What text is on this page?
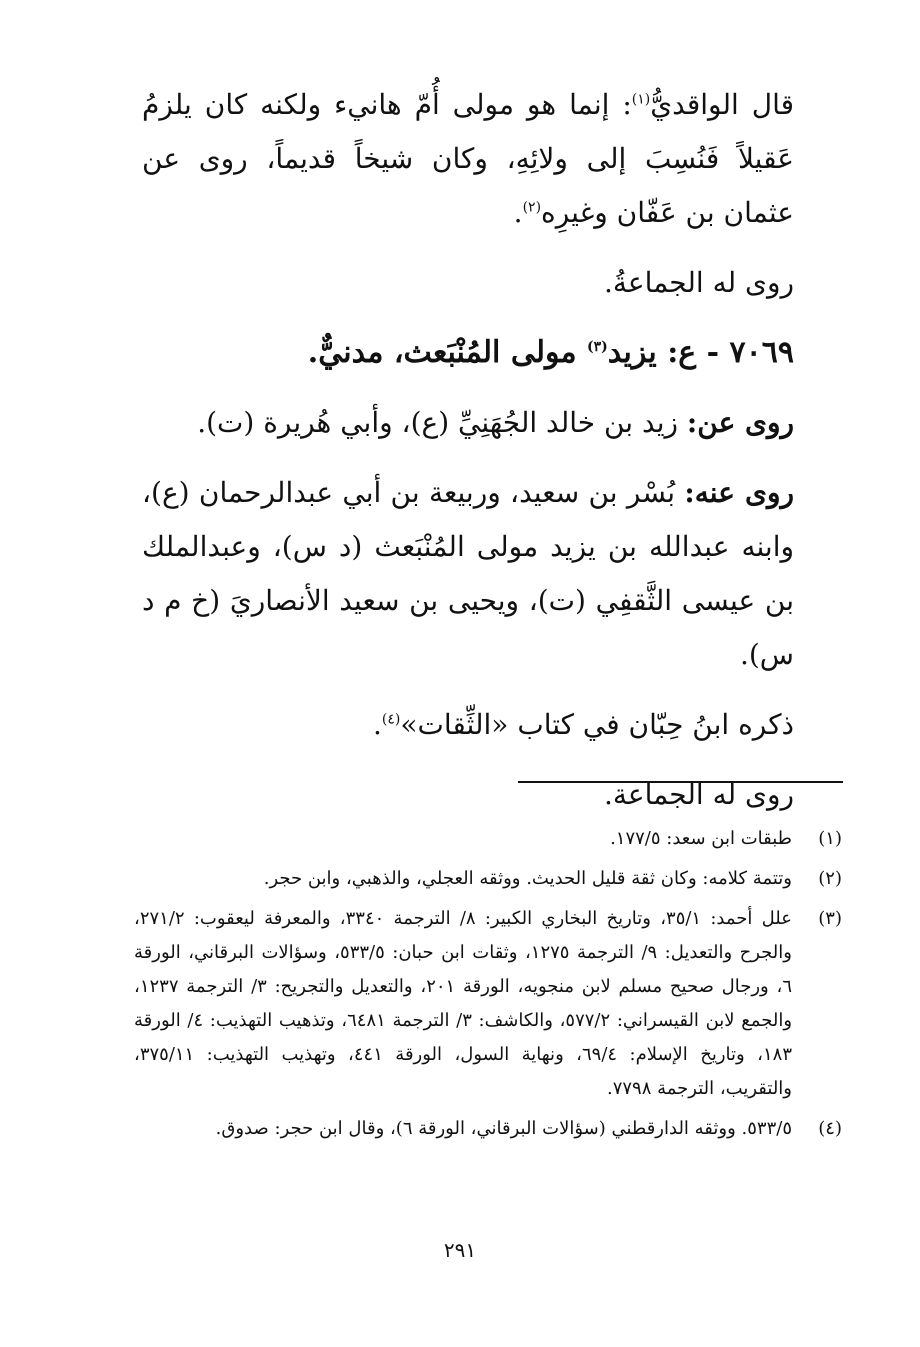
قال الواقديُّ$^{(١)}$: إنما هو مولى أُمّ هانيء ولكنه كان يلزمُ عَقيلاً فَنُسِبَ إلى ولائِهِ، وكان شيخاً قديماً، روى عن عثمان بن عَفّان وغيرِه$^{(٢)}$.

روى له الجماعةُ.

٧٠٦٩ - ع: يزيد$^{(٣)}$ مولى المُنْبَعث، مدنيٌّ.

روى عن: زيد بن خالد الجُهَنِيِّ (ع)، وأبي هُريرة (ت).

روى عنه: بُسْر بن سعيد، وربيعة بن أبي عبدالرحمان (ع)، وابنه عبدالله بن يزيد مولى المُنْبَعث (د س)، وعبدالملك بن عيسى الثَّقفِي (ت)، ويحيى بن سعيد الأنصاريَ (خ م د س).

ذكره ابنُ حِبّان في كتاب «الثِّقات»$^{(٤)}$.

روى له الجماعة.

(١)
طبقات ابن سعد: ١٧٧/٥.
(٢)
وتتمة كلامه: وكان ثقة قليل الحديث. ووثقه العجلي، والذهبي، وابن حجر.
(٣)
علل أحمد: ٣٥/١، وتاريخ البخاري الكبير: ٨/ الترجمة ٣٣٤٠، والمعرفة ليعقوب: ٢٧١/٢، والجرح والتعديل: ٩/ الترجمة ١٢٧٥، وثقات ابن حبان: ٥٣٣/٥، وسؤالات البرقاني، الورقة ٦، ورجال صحيح مسلم لابن منجويه، الورقة ٢٠١، والتعديل والتجريح: ٣/ الترجمة ١٢٣٧، والجمع لابن القيسراني: ٥٧٧/٢، والكاشف: ٣/ الترجمة ٦٤٨١، وتذهيب التهذيب: ٤/ الورقة ١٨٣، وتاريخ الإسلام: ٦٩/٤، ونهاية السول، الورقة ٤٤١، وتهذيب التهذيب: ٣٧٥/١١، والتقريب، الترجمة ٧٧٩٨.
(٤)
٥٣٣/٥. ووثقه الدارقطني (سؤالات البرقاني، الورقة ٦)، وقال ابن حجر: صدوق.
٢٩١
